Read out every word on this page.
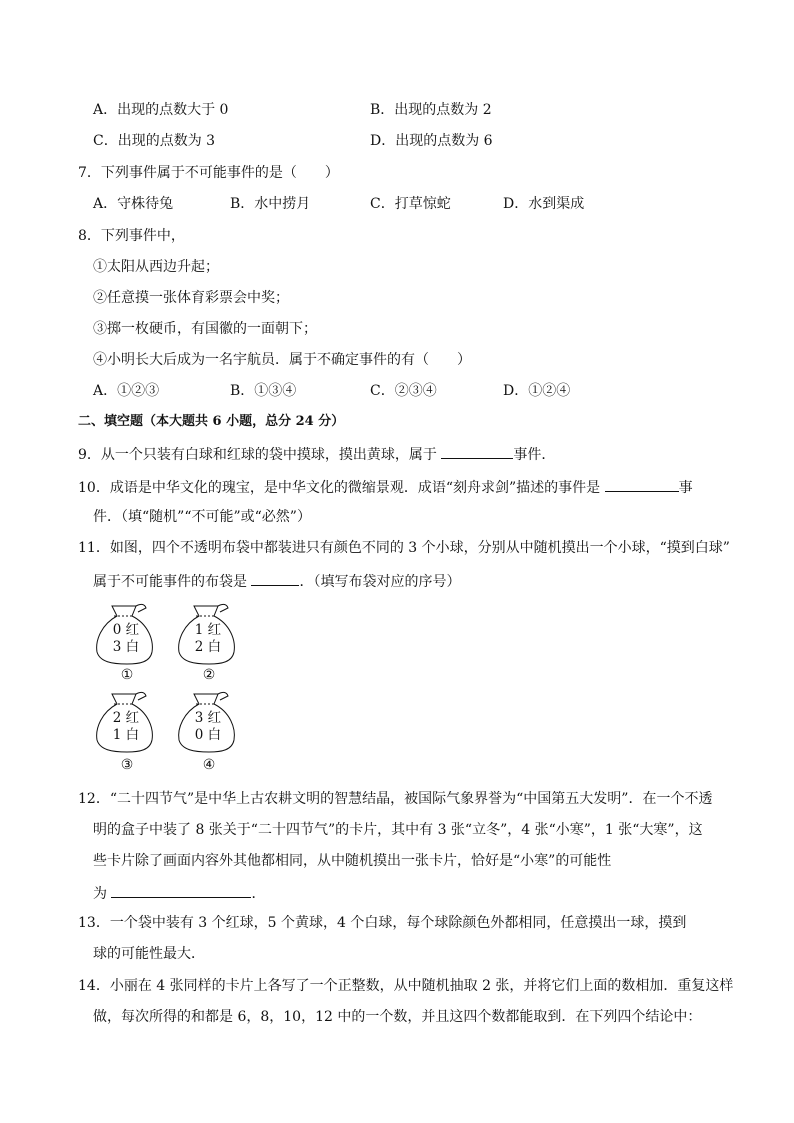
A．出现的点数大于 0	B．出现的点数为 2
C．出现的点数为 3	D．出现的点数为 6
7．下列事件属于不可能事件的是（　　）
A．守株待兔	B．水中捞月	C．打草惊蛇	D．水到渠成
8．下列事件中，
①太阳从西边升起；
②任意摸一张体育彩票会中奖；
③掷一枚硬币，有国徽的一面朝下；
④小明长大后成为一名宇航员．属于不确定事件的有（　　）
A．①②③	B．①③④	C．②③④	D．①②④
二、填空题（本大题共 6 小题，总分 24 分）
9．从一个只装有白球和红球的袋中摸球，摸出黄球，属于	事件．
10．成语是中华文化的瑰宝，是中华文化的微缩景观．成语“刻舟求剑”描述的事件是	事
件．（填“随机”“不可能”或“必然”）
11．如图，四个不透明布袋中都装进只有颜色不同的 3 个小球，分别从中随机摸出一个小球，“摸到白球”
属于不可能事件的布袋是	．（填写布袋对应的序号）
0 红
3 白
①
1 红
2 白
②
2 红
1 白
③
3 红
0 白
④
12．“二十四节气”是中华上古农耕文明的智慧结晶，被国际气象界誉为“中国第五大发明”．在一个不透
明的盒子中装了 8 张关于“二十四节气”的卡片，其中有 3 张“立冬”，4 张“小寒”，1 张“大寒”，这
些卡片除了画面内容外其他都相同，从中随机摸出一张卡片，恰好是“小寒”的可能性
为	．
13．一个袋中装有 3 个红球，5 个黄球，4 个白球，每个球除颜色外都相同，任意摸出一球，摸到
球的可能性最大．
14．小丽在 4 张同样的卡片上各写了一个正整数，从中随机抽取 2 张，并将它们上面的数相加．重复这样
做，每次所得的和都是 6，8，10，12 中的一个数，并且这四个数都能取到．在下列四个结论中：
